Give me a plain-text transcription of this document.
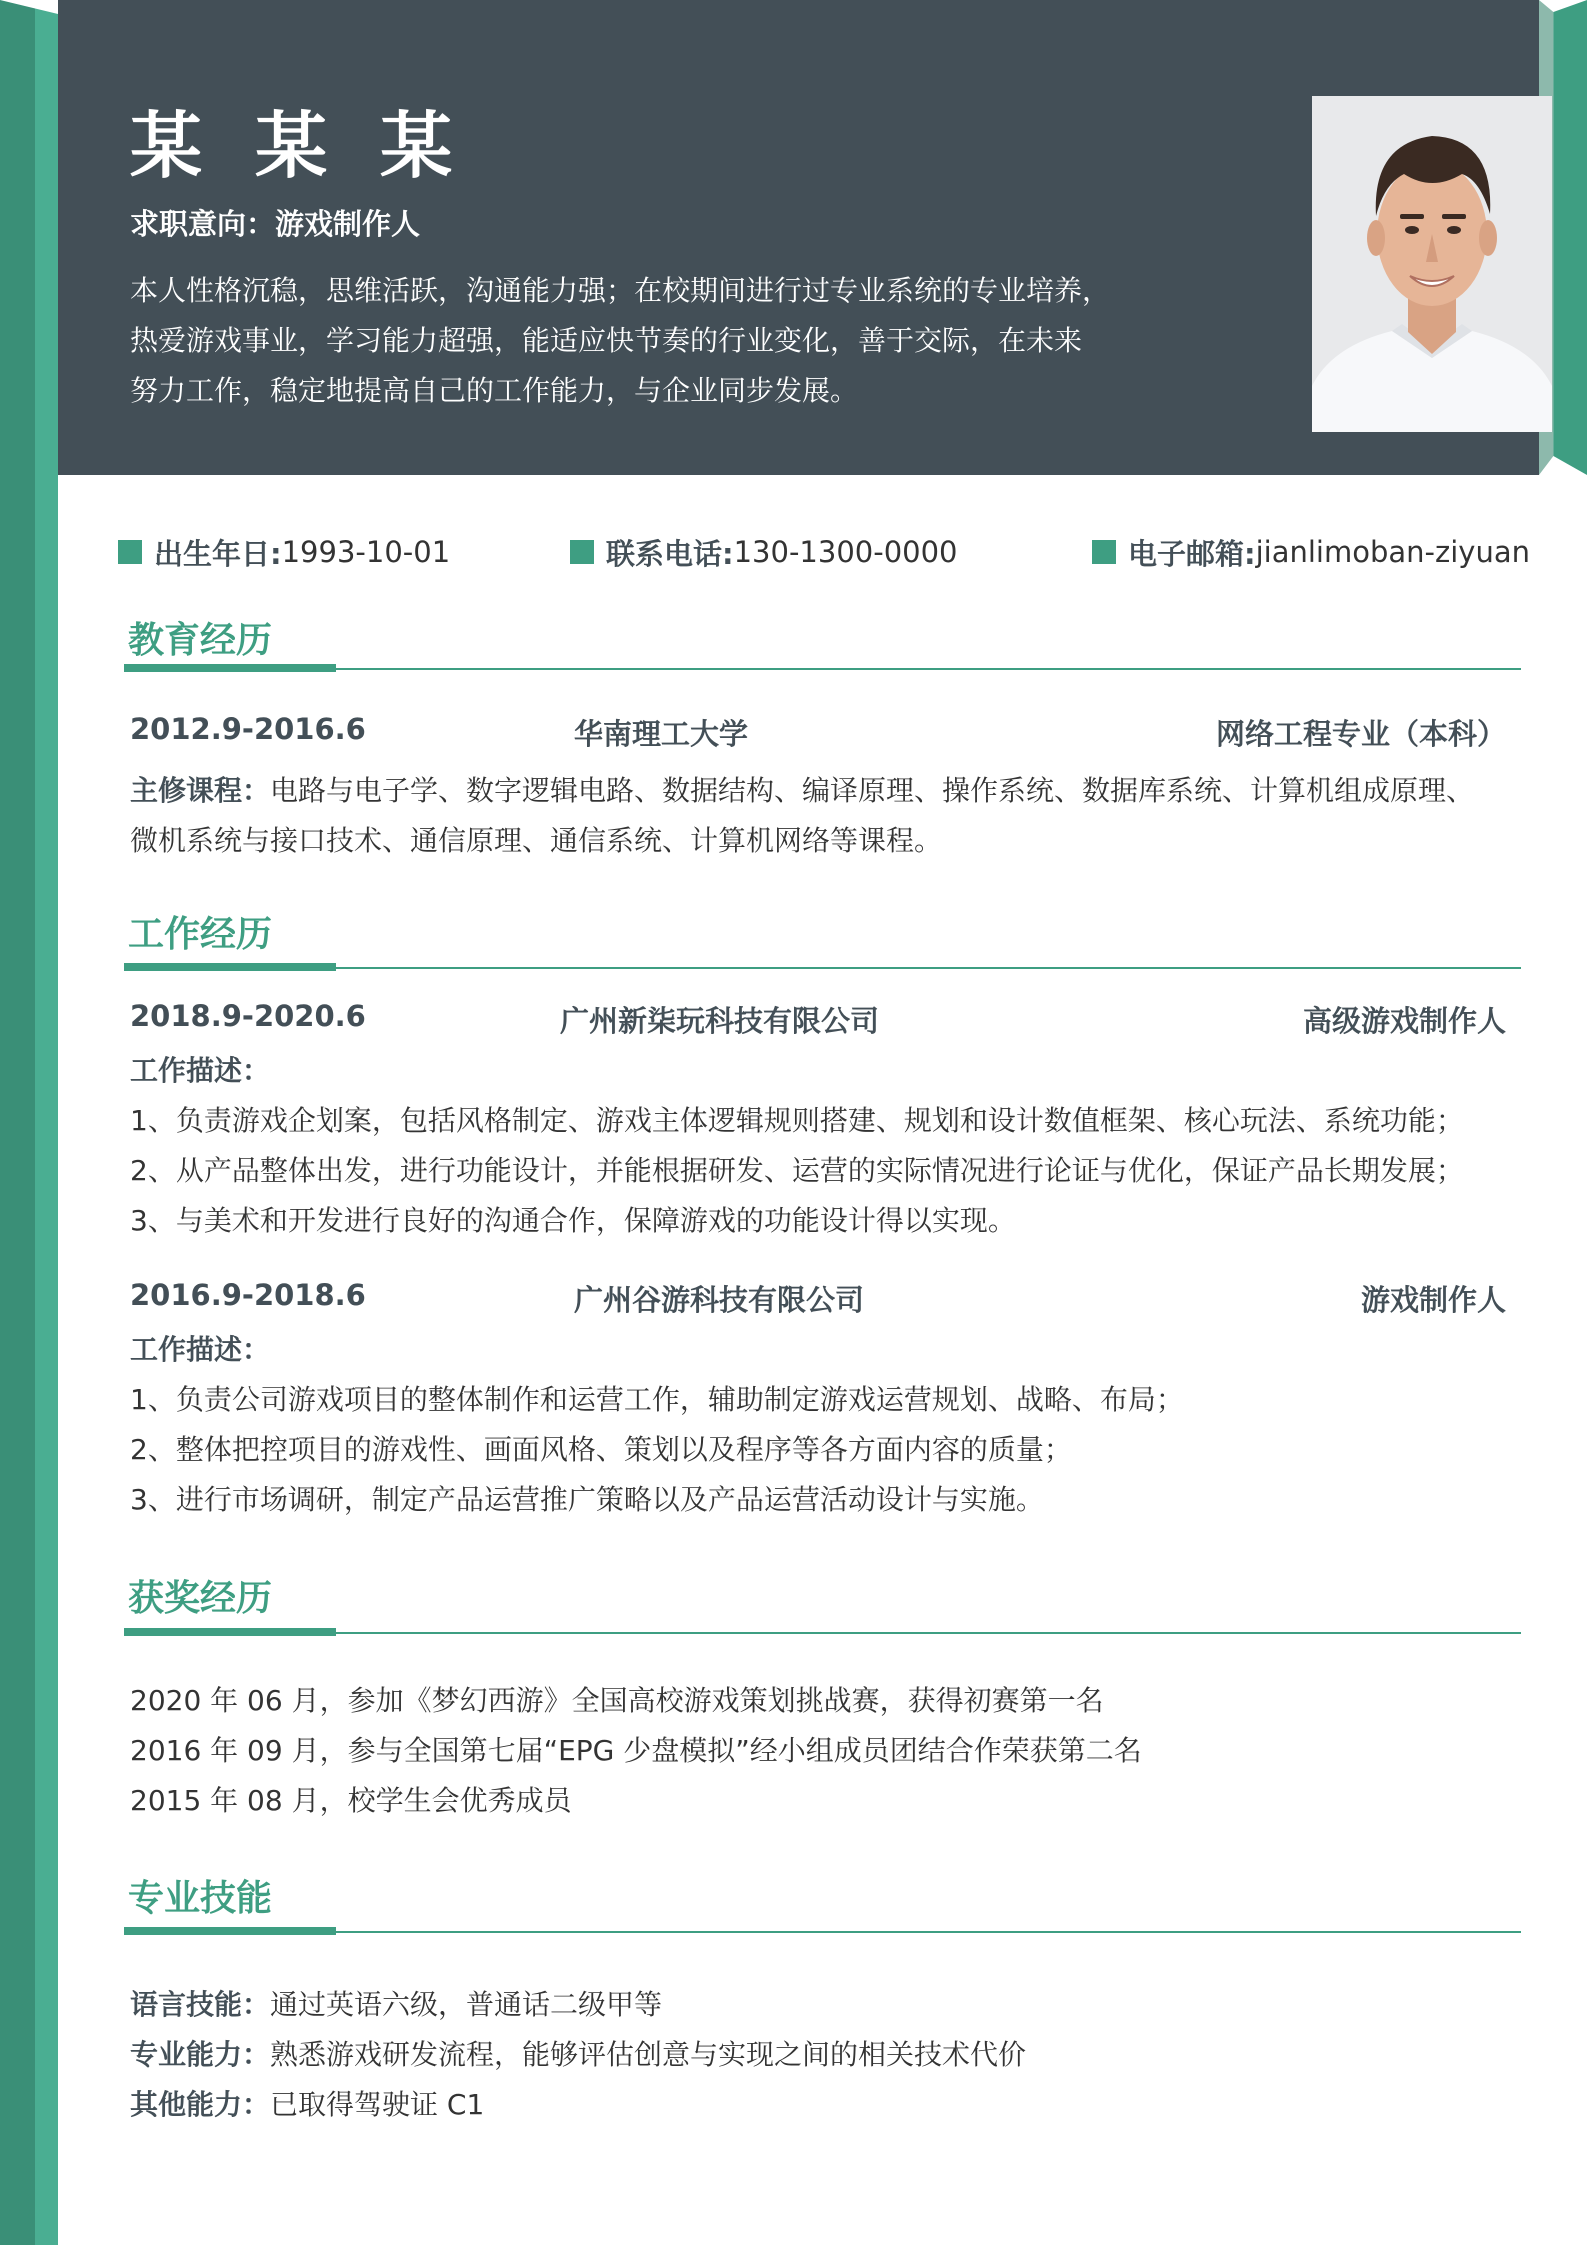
某 某 某
求职意向：游戏制作人
本人性格沉稳，思维活跃，沟通能力强；在校期间进行过专业系统的专业培养，
热爱游戏事业，学习能力超强，能适应快节奏的行业变化，善于交际，在未来
努力工作，稳定地提高自己的工作能力，与企业同步发展。
出生年日: 1993-10-01	联系电话: 130-1300-0000	电子邮箱: jianlimoban-ziyuan
教育经历
2012.9-2016.6	华南理工大学	网络工程专业（本科）
主修课程：电路与电子学、数字逻辑电路、数据结构、编译原理、操作系统、数据库系统、计算机组成原理、
微机系统与接口技术、通信原理、通信系统、计算机网络等课程。
工作经历
2018.9-2020.6	广州新柒玩科技有限公司	高级游戏制作人
工作描述：
1、负责游戏企划案，包括风格制定、游戏主体逻辑规则搭建、规划和设计数值框架、核心玩法、系统功能；
2、从产品整体出发，进行功能设计，并能根据研发、运营的实际情况进行论证与优化，保证产品长期发展；
3、与美术和开发进行良好的沟通合作，保障游戏的功能设计得以实现。
2016.9-2018.6	广州谷游科技有限公司	游戏制作人
工作描述：
1、负责公司游戏项目的整体制作和运营工作，辅助制定游戏运营规划、战略、布局；
2、整体把控项目的游戏性、画面风格、策划以及程序等各方面内容的质量；
3、进行市场调研，制定产品运营推广策略以及产品运营活动设计与实施。
获奖经历
2020 年 06 月，参加《梦幻西游》全国高校游戏策划挑战赛，获得初赛第一名
2016 年 09 月，参与全国第七届“EPG 少盘模拟”经小组成员团结合作荣获第二名
2015 年 08 月，校学生会优秀成员
专业技能
语言技能：通过英语六级，普通话二级甲等
专业能力：熟悉游戏研发流程，能够评估创意与实现之间的相关技术代价
其他能力：已取得驾驶证 C1
